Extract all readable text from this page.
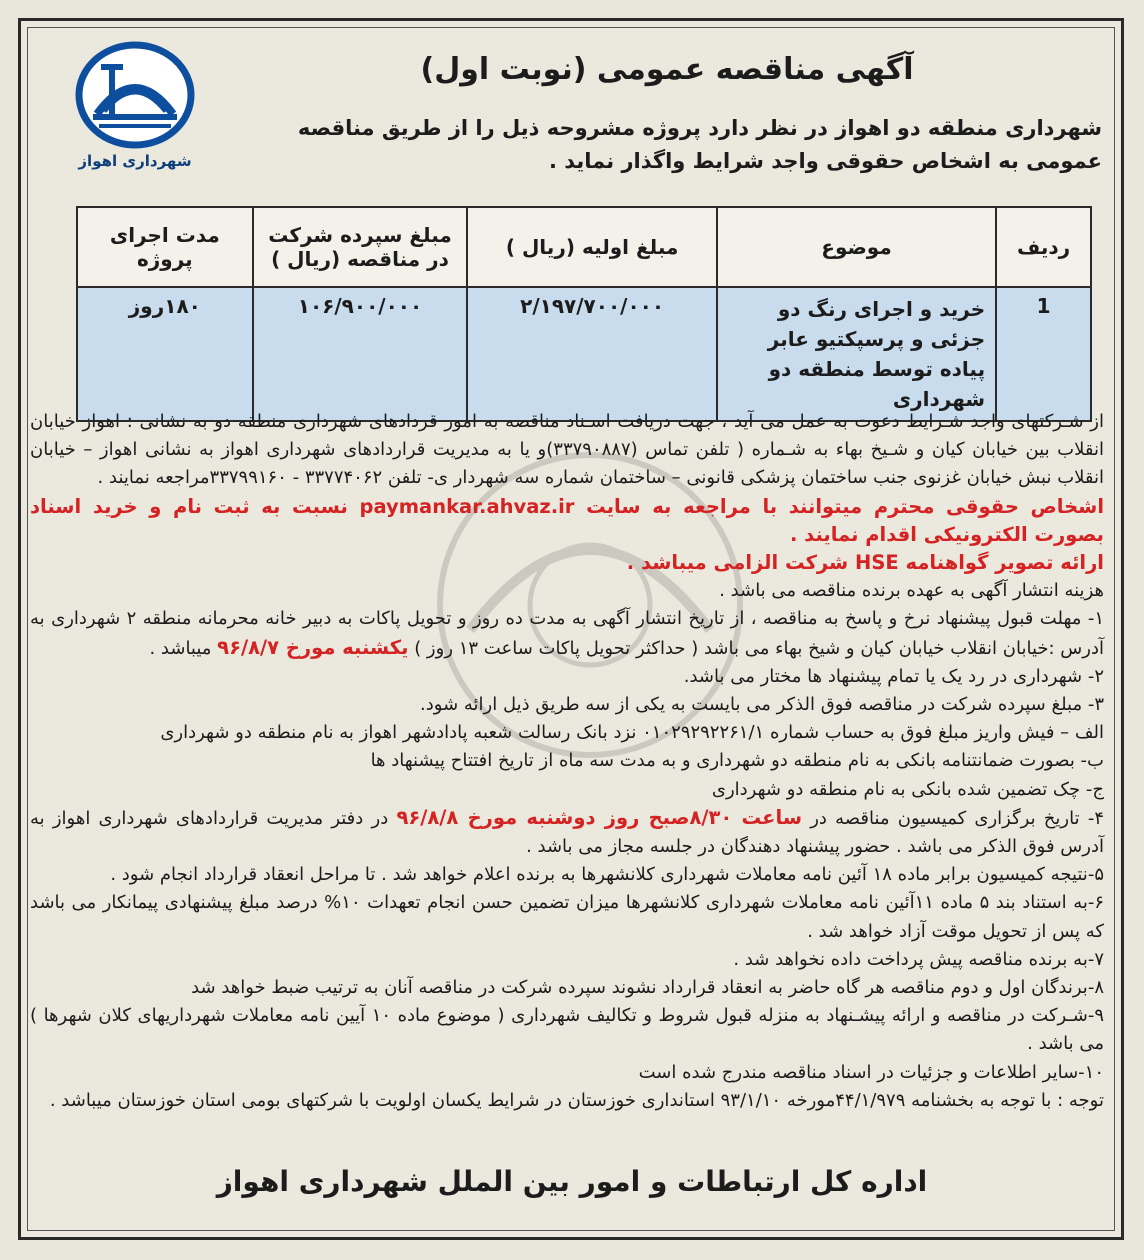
شهرداری اهواز
آگهی مناقصه عمومی (نوبت اول)
شهرداری منطقه دو اهواز در نظر دارد پروژه مشروحه ذیل را از طریق مناقصه عمومی به اشخاص حقوقی واجد شرایط واگذار نماید .
ردیف	موضوع	مبلغ اولیه (ریال )	مبلغ سپرده شرکت در مناقصه (ریال )	مدت اجرای پروژه
1	خرید و اجرای رنگ دو جزئی و پرسپکتیو عابر پیاده توسط منطقه دو شهرداری	۲/۱۹۷/۷۰۰/۰۰۰	۱۰۶/۹۰۰/۰۰۰	۱۸۰روز

از شـرکتهای واجد شـرایط دعوت به عمل می آید ، جهت دریافت اسـناد مناقصه به امور قردادهای شهرداری منطقه دو به نشانی : اهواز خیابان انقلاب بین خیابان کیان و شـیخ بهاء به شـماره ( تلفن تماس (۳۳۷۹۰۸۸۷)و یا به مدیریت قراردادهای شهرداری اهواز به نشانی اهواز – خیابان انقلاب نبش خیابان غزنوی جنب ساختمان پزشکی قانونی – ساختمان شماره سه شهردار ی- تلفن ۳۳۷۷۴۰۶۲ - ۳۳۷۹۹۱۶۰مراجعه نمایند .

اشخاص حقوقی محترم میتوانند با مراجعه به سایت paymankar.ahvaz.ir نسبت به ثبت نام و خرید اسناد بصورت الکترونیکی اقدام نمایند .

ارائه تصویر گواهنامه HSE شرکت الزامی میباشد .

هزینه انتشار آگهی به عهده برنده مناقصه می باشد .

۱- مهلت قبول پیشنهاد نرخ و پاسخ به مناقصه ، از تاریخ انتشار آگهی به مدت ده روز و تحویل پاکات به دبیر خانه محرمانه منطقه ۲ شهرداری به آدرس :خیابان انقلاب خیابان کیان و شیخ بهاء می باشد ( حداکثر تحویل پاکات ساعت ۱۳ روز ) یکشنبه مورخ ۹۶/۸/۷ میباشد .

۲- شهرداری در رد یک یا تمام پیشنهاد ها مختار می باشد.

۳- مبلغ سپرده شرکت در مناقصه فوق الذکر می بایست به یکی از سه طریق ذیل ارائه شود.

الف – فیش واریز مبلغ فوق به حساب شماره ۰۱۰۲۹۲۹۲۲۶۱/۱ نزد بانک رسالت شعبه پادادشهر اهواز به نام منطقه دو شهرداری

ب- بصورت ضمانتنامه بانکی به نام منطقه دو شهرداری و به مدت سه ماه از تاریخ افتتاح پیشنهاد ها

ج- چک تضمین شده بانکی به نام منطقه دو شهرداری

۴- تاریخ برگزاری کمیسیون مناقصه در ساعت ۸/۳۰صبح روز دوشنبه مورخ ۹۶/۸/۸ در دفتر مدیریت قراردادهای شهرداری اهواز به آدرس فوق الذکر می باشد . حضور پیشنهاد دهندگان در جلسه مجاز می باشد .

۵-نتیجه کمیسیون برابر ماده ۱۸ آئین نامه معاملات شهرداری کلانشهرها به برنده اعلام خواهد شد . تا مراحل انعقاد قرارداد انجام شود .

۶-به استناد بند ۵ ماده ۱۱آئین نامه معاملات شهرداری کلانشهرها میزان تضمین حسن انجام تعهدات ۱۰% درصد مبلغ پیشنهادی پیمانکار می باشد که پس از تحویل موقت آزاد خواهد شد .

۷-به برنده مناقصه پیش پرداخت داده نخواهد شد .

۸-برندگان اول و دوم مناقصه هر گاه حاضر به انعقاد قرارداد نشوند سپرده شرکت در مناقصه آنان به ترتیب ضبط خواهد شد

۹-شـرکت در مناقصه و ارائه پیشـنهاد به منزله قبول شروط و تکالیف شهرداری ( موضوع ماده ۱۰ آیین نامه معاملات شهرداریهای کلان شهرها ) می باشد .

۱۰-سایر اطلاعات و جزئیات در اسناد مناقصه مندرج شده است

توجه : با توجه به بخشنامه ۴۴/۱/۹۷۹مورخه ۹۳/۱/۱۰ استانداری خوزستان در شرایط یکسان اولویت با شرکتهای بومی استان خوزستان میباشد .

اداره کل ارتباطات و امور بین الملل شهرداری اهواز
